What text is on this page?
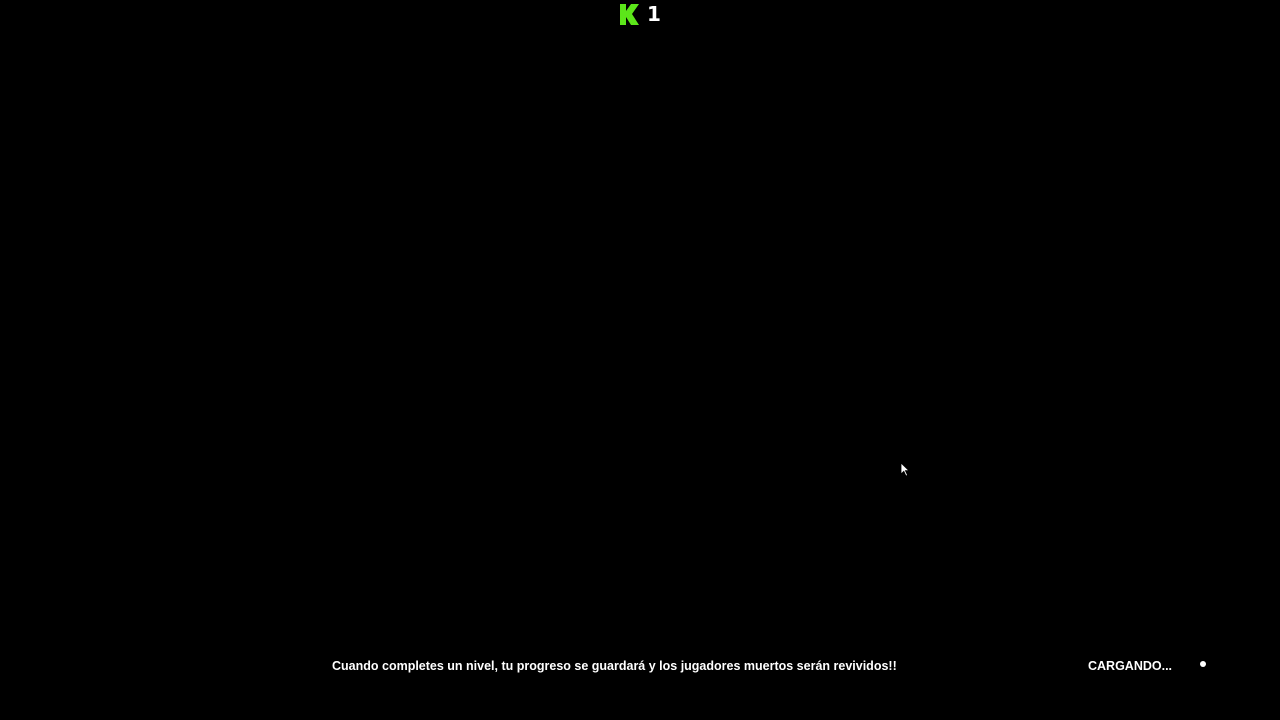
1
Cuando completes un nivel, tu progreso se guardará y los jugadores muertos serán revividos!!	CARGANDO...
